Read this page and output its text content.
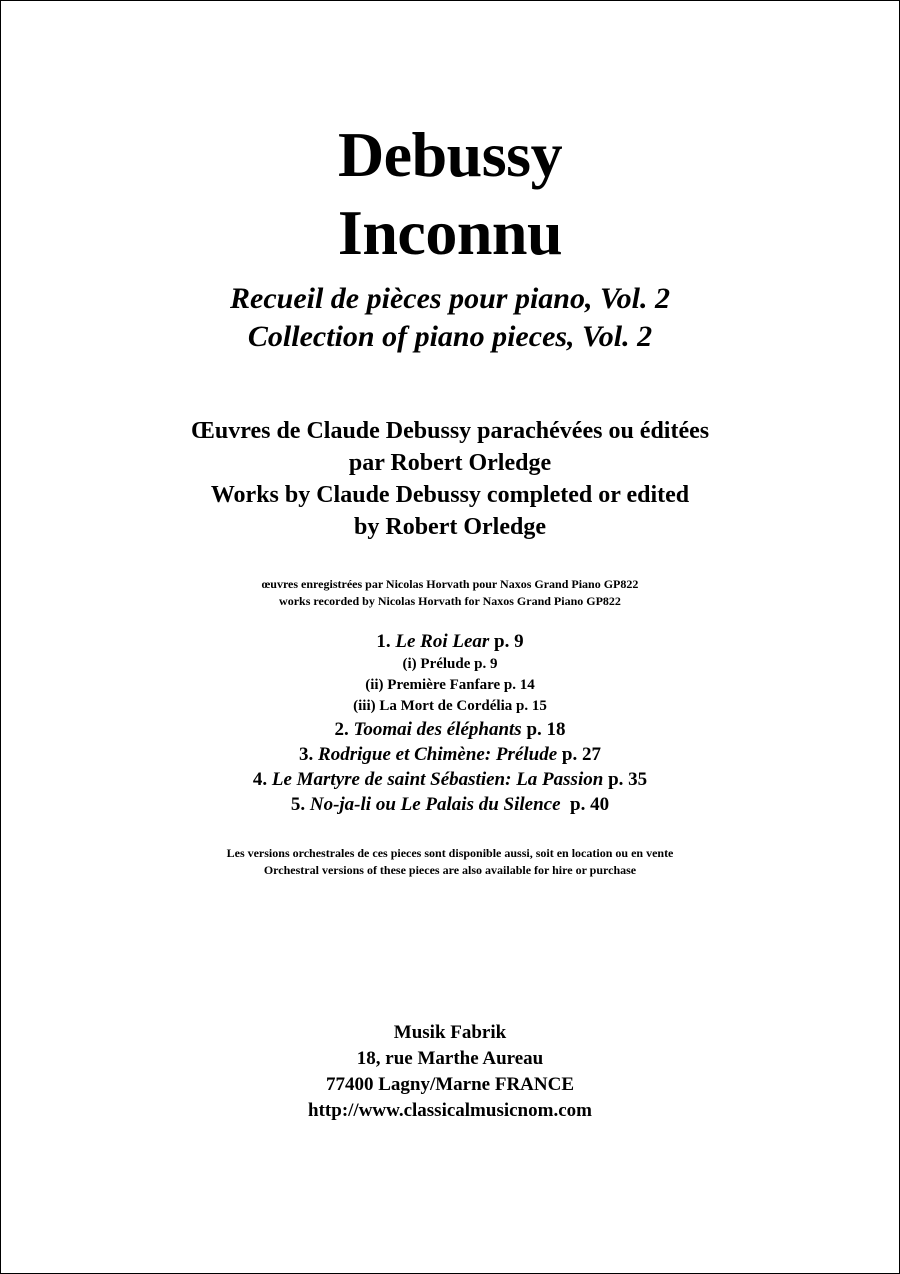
Debussy
Inconnu
Recueil de pièces pour piano, Vol. 2
Collection of piano pieces, Vol. 2
Œuvres de Claude Debussy parachévées ou éditées
par Robert Orledge
Works by Claude Debussy completed or edited
by Robert Orledge
œuvres enregistrées par Nicolas Horvath pour Naxos Grand Piano GP822
works recorded by Nicolas Horvath for Naxos Grand Piano GP822
1. Le Roi Lear p. 9
(i) Prélude p. 9
(ii) Première Fanfare p. 14
(iii) La Mort de Cordélia p. 15
2. Toomai des éléphants p. 18
3. Rodrigue et Chimène: Prélude p. 27
4. Le Martyre de saint Sébastien: La Passion p. 35
5. No-ja-li ou Le Palais du Silence  p. 40
Les versions orchestrales de ces pieces sont disponible aussi, soit en location ou en vente
Orchestral versions of these pieces are also available for hire or purchase
Musik Fabrik
18, rue Marthe Aureau
77400 Lagny/Marne FRANCE
http://www.classicalmusicnom.com
